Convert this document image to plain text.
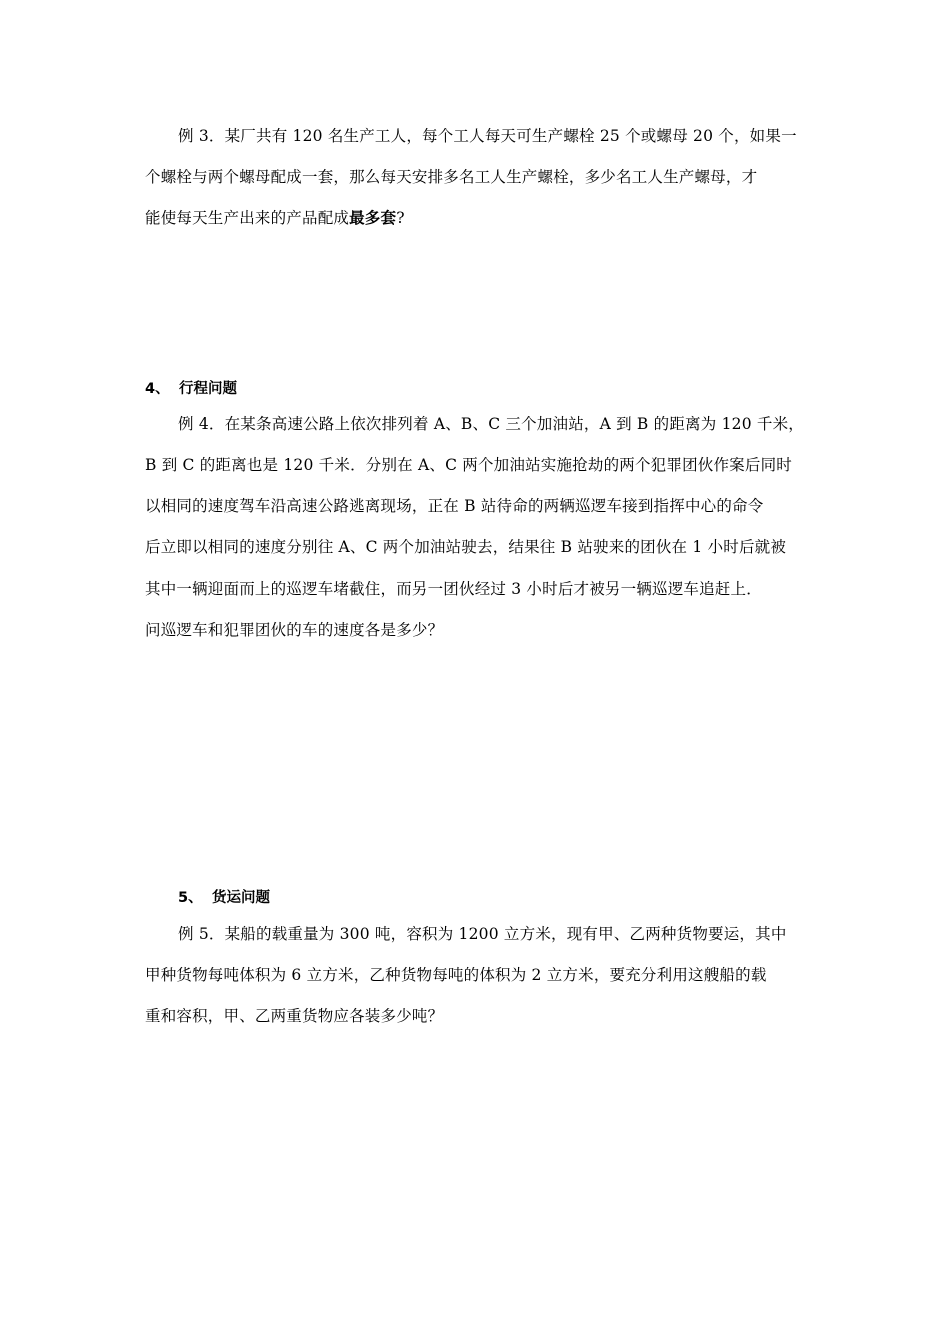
例 3．某厂共有 120 名生产工人，每个工人每天可生产螺栓 25 个或螺母 20 个，如果一
个螺栓与两个螺母配成一套，那么每天安排多名工人生产螺栓，多少名工人生产螺母，才
能使每天生产出来的产品配成最多套?
4、 行程问题
例 4．在某条高速公路上依次排列着 A、B、C 三个加油站，A 到 B 的距离为 120 千米，
B 到 C 的距离也是 120 千米．分别在 A、C 两个加油站实施抢劫的两个犯罪团伙作案后同时
以相同的速度驾车沿高速公路逃离现场，正在 B 站待命的两辆巡逻车接到指挥中心的命令
后立即以相同的速度分别往 A、C 两个加油站驶去，结果往 B 站驶来的团伙在 1 小时后就被
其中一辆迎面而上的巡逻车堵截住，而另一团伙经过 3 小时后才被另一辆巡逻车追赶上．
问巡逻车和犯罪团伙的车的速度各是多少？
5、 货运问题
例 5．某船的载重量为 300 吨，容积为 1200 立方米，现有甲、乙两种货物要运，其中
甲种货物每吨体积为 6 立方米，乙种货物每吨的体积为 2 立方米，要充分利用这艘船的载
重和容积，甲、乙两重货物应各装多少吨？
